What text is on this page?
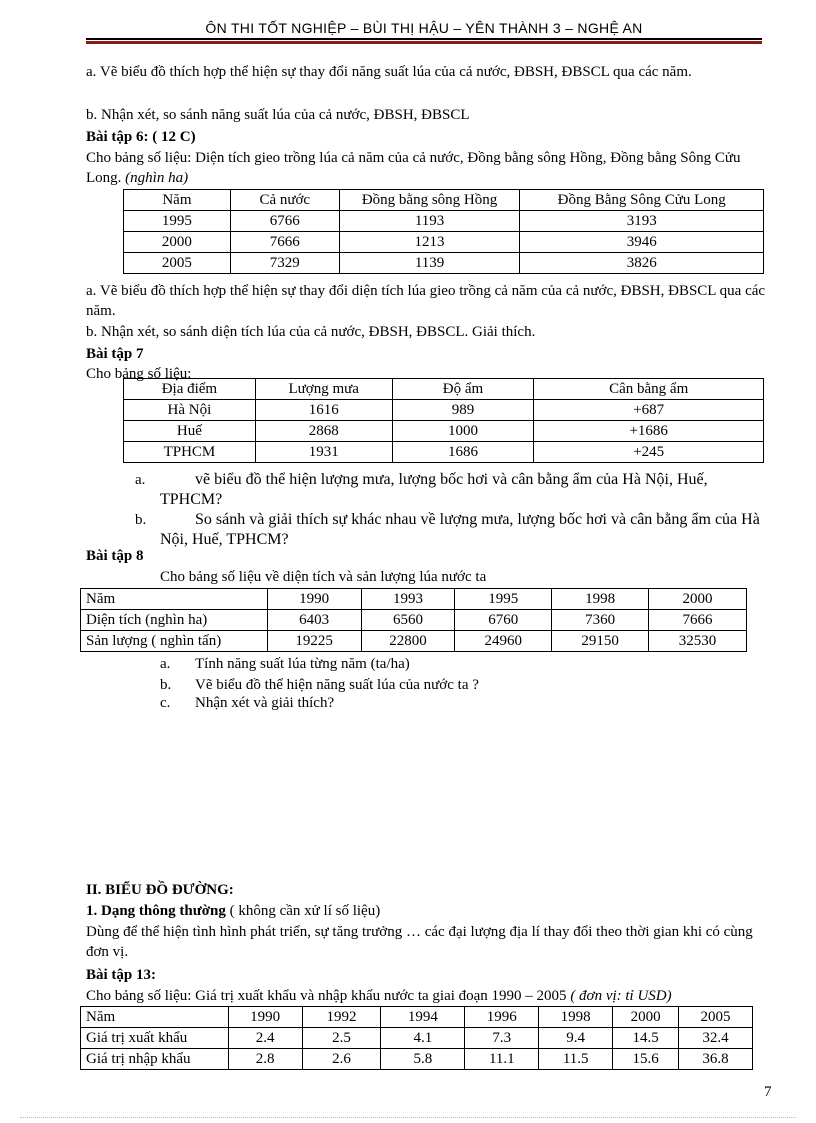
ÔN THI TỐT NGHIỆP – BÙI THỊ HẬU – YÊN THÀNH 3 – NGHỆ AN
a. Vẽ biểu đồ thích hợp thể hiện sự thay đổi năng suất lúa của cả nước, ĐBSH, ĐBSCL qua các năm.
b. Nhận xét, so sánh năng suất lúa của cả nước, ĐBSH, ĐBSCL
Bài tập 6: ( 12 C)
Cho bảng số liệu: Diện tích gieo trồng lúa cả năm của cả nước, Đồng bằng sông Hồng, Đồng bằng Sông Cửu Long. (nghìn ha)
Năm	Cả nước	Đồng bằng sông Hồng	Đồng Bằng Sông Cửu Long
1995	6766	1193	3193
2000	7666	1213	3946
2005	7329	1139	3826
a. Vẽ biểu đồ thích hợp thể hiện sự thay đổi diện tích lúa gieo trồng cả năm của cả nước, ĐBSH, ĐBSCL qua các năm.
b. Nhận xét, so sánh diện tích lúa của cả nước, ĐBSH, ĐBSCL. Giải thích.
Bài tập 7
Cho bảng số liệu:
Địa điểm	Lượng mưa	Độ ẩm	Cân bằng ẩm
Hà Nội	1616	989	+687
Huế	2868	1000	+1686
TPHCM	1931	1686	+245
a.	vẽ biểu đồ thể hiện lượng mưa, lượng bốc hơi và cân bằng ẩm của Hà Nội, Huế, TPHCM?
b.	So sánh và giải thích sự khác nhau về lượng mưa, lượng bốc hơi và cân bằng ẩm của Hà Nội, Huế, TPHCM?
Bài tập 8
Cho bảng số liệu về diện tích và sản lượng lúa nước ta
Năm	1990	1993	1995	1998	2000
Diện tích (nghìn ha)	6403	6560	6760	7360	7666
Sản lượng ( nghìn tấn)	19225	22800	24960	29150	32530
a. Tính năng suất lúa từng năm (ta/ha)
b. Vẽ biểu đồ thể hiện năng suất lúa của nước ta ?
c. Nhận xét và giải thích?
II. BIỂU ĐỒ ĐƯỜNG:
1. Dạng thông thường ( không cần xử lí số liệu)
Dùng để thể hiện tình hình phát triển, sự tăng trưởng … các đại lượng địa lí thay đổi theo thời gian khi có cùng đơn vị.
Bài tập 13:
Cho bảng số liệu: Giá trị xuất khẩu và nhập khẩu nước ta giai đoạn 1990 – 2005 ( đơn vị: tỉ USD)
Năm	1990	1992	1994	1996	1998	2000	2005
Giá trị xuất khẩu	2.4	2.5	4.1	7.3	9.4	14.5	32.4
Giá trị nhập khẩu	2.8	2.6	5.8	11.1	11.5	15.6	36.8
7
